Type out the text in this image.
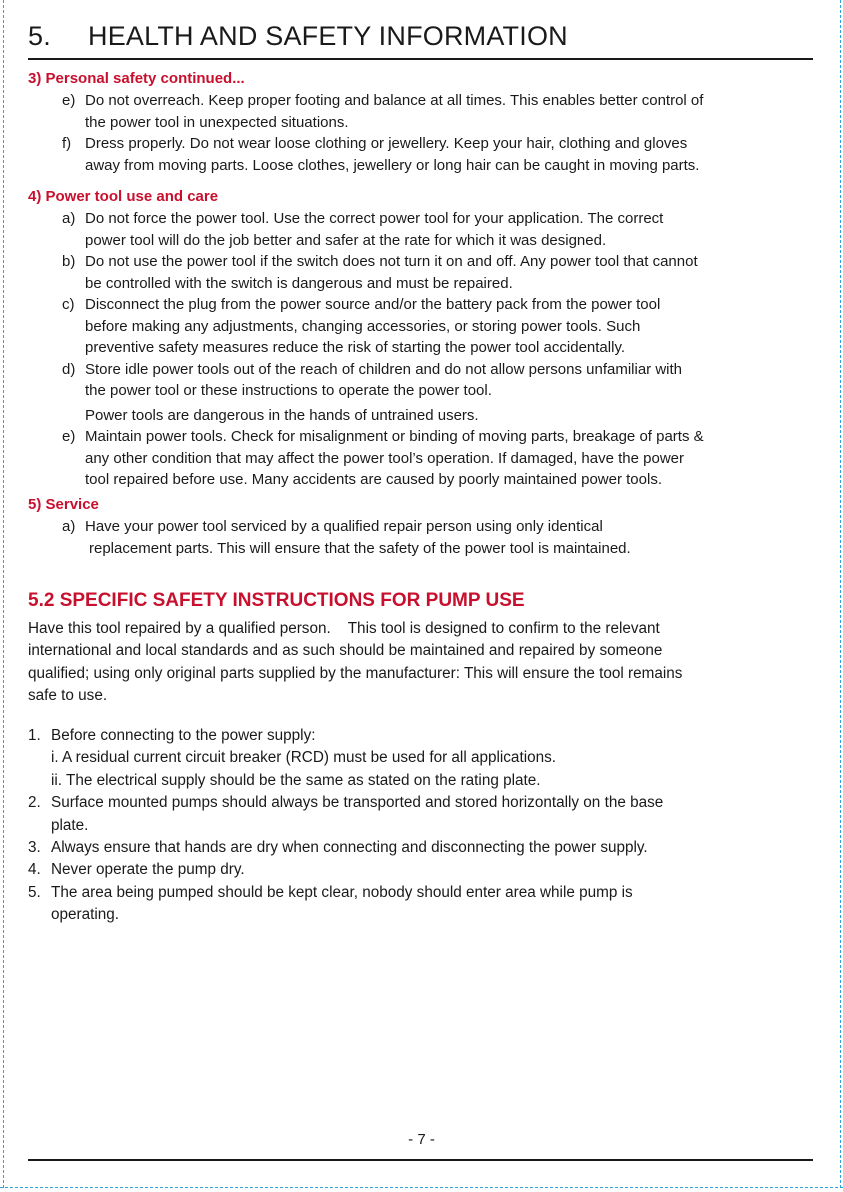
5. HEALTH AND SAFETY INFORMATION
3) Personal safety continued...
e) Do not overreach. Keep proper footing and balance at all times. This enables better control of
the power tool in unexpected situations.
f) Dress properly. Do not wear loose clothing or jewellery. Keep your hair, clothing and gloves
away from moving parts. Loose clothes, jewellery or long hair can be caught in moving parts.
4) Power tool use and care
a) Do not force the power tool. Use the correct power tool for your application. The correct
power tool will do the job better and safer at the rate for which it was designed.
b) Do not use the power tool if the switch does not turn it on and off. Any power tool that cannot
be controlled with the switch is dangerous and must be repaired.
c) Disconnect the plug from the power source and/or the battery pack from the power tool
before making any adjustments, changing accessories, or storing power tools. Such
preventive safety measures reduce the risk of starting the power tool accidentally.
d) Store idle power tools out of the reach of children and do not allow persons unfamiliar with
the power tool or these instructions to operate the power tool.
Power tools are dangerous in the hands of untrained users.
e) Maintain power tools. Check for misalignment or binding of moving parts, breakage of parts &
any other condition that may affect the power tool’s operation. If damaged, have the power
tool repaired before use. Many accidents are caused by poorly maintained power tools.
5) Service
a) Have your power tool serviced by a qualified repair person using only identical
replacement parts. This will ensure that the safety of the power tool is maintained.
5.2 SPECIFIC SAFETY INSTRUCTIONS FOR PUMP USE
Have this tool repaired by a qualified person.    This tool is designed to confirm to the relevant
international and local standards and as such should be maintained and repaired by someone
qualified; using only original parts supplied by the manufacturer: This will ensure the tool remains
safe to use.
1. Before connecting to the power supply:
i. A residual current circuit breaker (RCD) must be used for all applications.
ii. The electrical supply should be the same as stated on the rating plate.
2. Surface mounted pumps should always be transported and stored horizontally on the base
plate.
3. Always ensure that hands are dry when connecting and disconnecting the power supply.
4. Never operate the pump dry.
5. The area being pumped should be kept clear, nobody should enter area while pump is
operating.
- 7 -
